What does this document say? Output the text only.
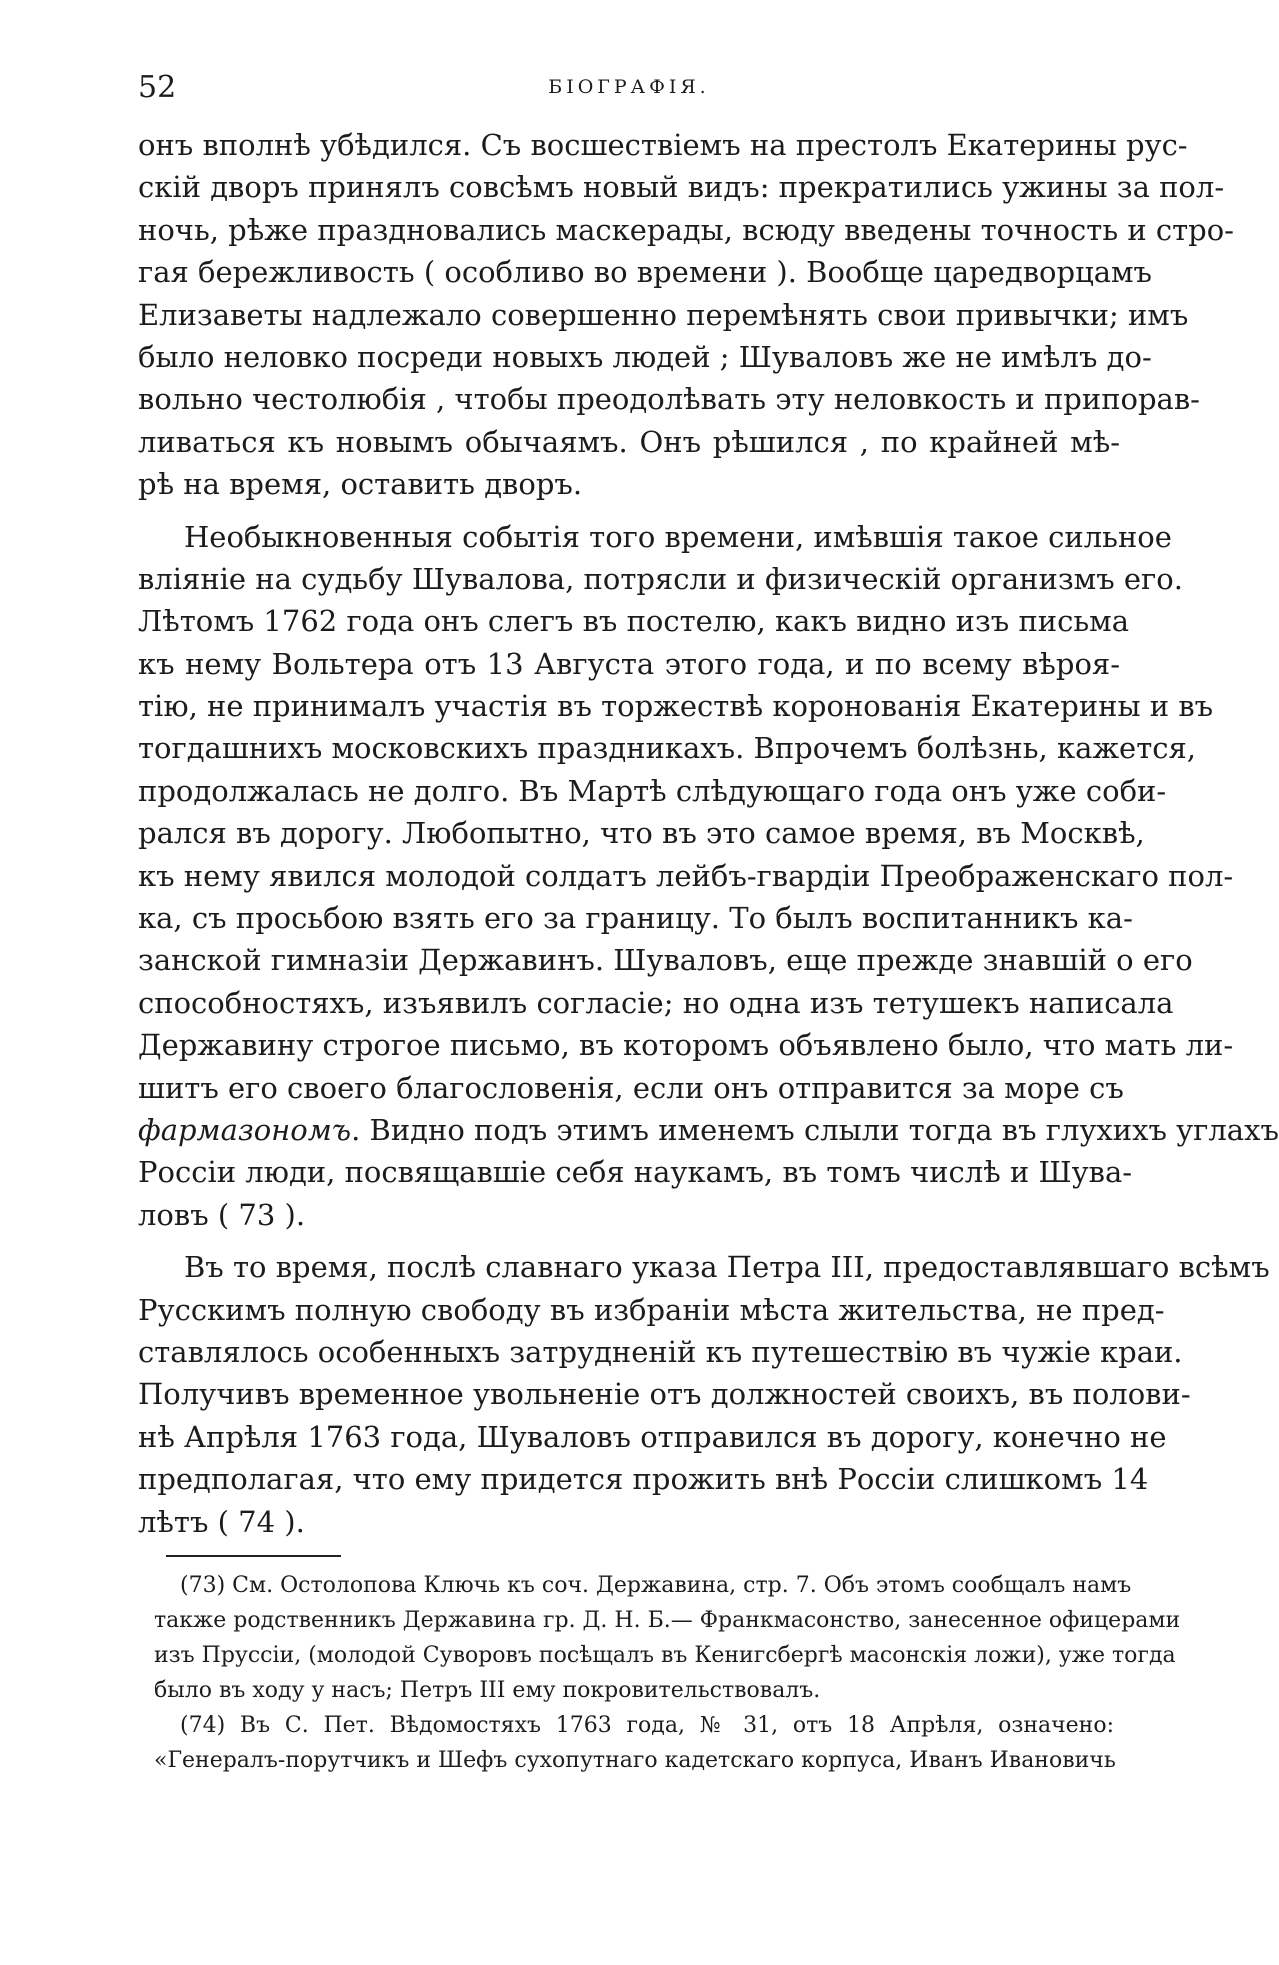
52	БІОГРАФІЯ.
онъ вполнѣ убѣдился. Съ восшествіемъ на престолъ Екатерины рус-
скій дворъ принялъ совсѣмъ новый видъ: прекратились ужины за пол-
ночь, рѣже праздновались маскерады, всюду введены точность и стро-
гая бережливость ( особливо во времени ). Вообще царедворцамъ
Елизаветы надлежало совершенно перемѣнять свои привычки; имъ
было неловко посреди новыхъ людей ; Шуваловъ же не имѣлъ до-
вольно честолюбія , чтобы преодолѣвать эту неловкость и припорав-
ливаться къ новымъ обычаямъ. Онъ рѣшился , по крайней мѣ-
рѣ на время, оставить дворъ.
Необыкновенныя событія того времени, имѣвшія такое сильное
вліяніе на судьбу Шувалова, потрясли и физическій организмъ его.
Лѣтомъ 1762 года онъ слегъ въ постелю, какъ видно изъ письма
къ нему Вольтера отъ 13 Августа этого года, и по всему вѣроя-
тію, не принималъ участія въ торжествѣ коронованія Екатерины и въ
тогдашнихъ московскихъ праздникахъ. Впрочемъ болѣзнь, кажется,
продолжалась не долго. Въ Мартѣ слѣдующаго года онъ уже соби-
рался въ дорогу. Любопытно, что въ это самое время, въ Москвѣ,
къ нему явился молодой солдатъ лейбъ-гвардіи Преображенскаго пол-
ка, съ просьбою взять его за границу. То былъ воспитанникъ ка-
занской гимназіи Державинъ. Шуваловъ, еще прежде знавшій о его
способностяхъ, изъявилъ согласіе; но одна изъ тетушекъ написала
Державину строгое письмо, въ которомъ объявлено было, что мать ли-
шитъ его своего благословенія, если онъ отправится за море съ
фармазономъ. Видно подъ этимъ именемъ слыли тогда въ глухихъ углахъ
Россіи люди, посвящавшіе себя наукамъ, въ томъ числѣ и Шува-
ловъ ( 73 ).
Въ то время, послѣ славнаго указа Петра III, предоставлявшаго всѣмъ
Русскимъ полную свободу въ избраніи мѣста жительства, не пред-
ставлялось особенныхъ затрудненій къ путешествію въ чужіе краи.
Получивъ временное увольненіе отъ должностей своихъ, въ полови-
нѣ Апрѣля 1763 года, Шуваловъ отправился въ дорогу, конечно не
предполагая, что ему придется прожить внѣ Россіи слишкомъ 14
лѣтъ ( 74 ).
(73) См. Остолопова Ключь къ соч. Державина, стр. 7. Объ этомъ сообщалъ намъ
также родственникъ Державина гр. Д. Н. Б.— Франкмасонство, занесенное офицерами
изъ Пруссіи, (молодой Суворовъ посѣщалъ въ Кенигсбергѣ масонскія ложи), уже тогда
было въ ходу у насъ; Петръ III ему покровительствовалъ.
(74) Въ С. Пет. Вѣдомостяхъ 1763 года, № 31, отъ 18 Апрѣля, означено:
«Генералъ-порутчикъ и Шефъ сухопутнаго кадетскаго корпуса, Иванъ Ивановичь
